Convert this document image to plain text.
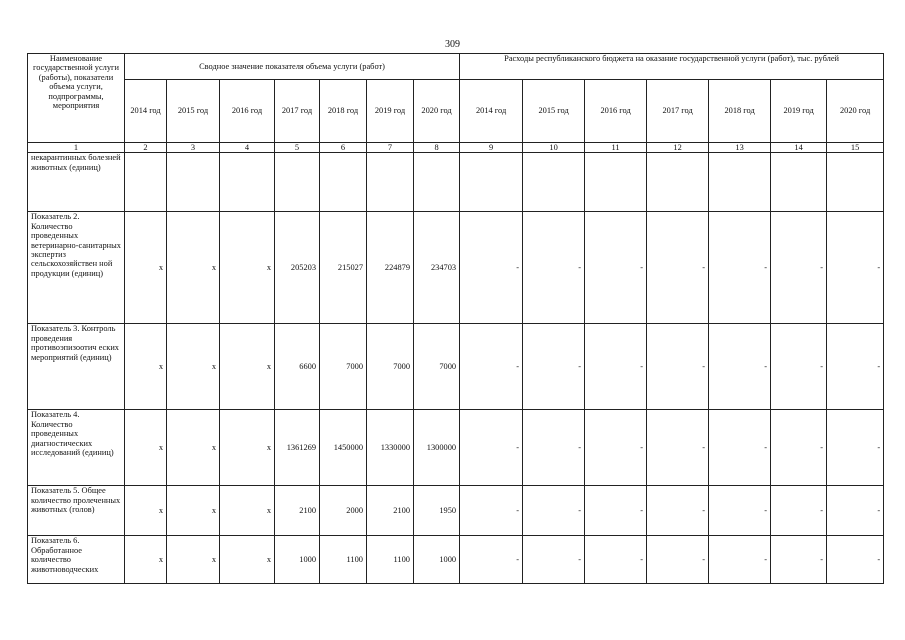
309
Наименование государственной услуги (работы), показатели объема услуги, подпрограммы, мероприятия	Сводное значение показателя объема услуги (работ)							Расходы республиканского бюджета на оказание государственной услуги (работ), тыс. рублей						
	2014 год	2015 год	2016 год	2017 год	2018 год	2019 год	2020 год	2014 год	2015 год	2016 год	2017 год	2018 год	2019 год	2020 год
1	2	3	4	5	6	7	8	9	10	11	12	13	14	15
некарантинных болезней животных (единиц)														
Показатель 2. Количество проведенных ветеринарно-санитарных экспертиз сельскохозяйствен ной продукции (единиц)	x	x	x	205203	215027	224879	234703	-	-	-	-	-	-	-
Показатель 3. Контроль проведения противоэпизоотич еских мероприятий (единиц)	x	x	x	6600	7000	7000	7000	-	-	-	-	-	-	-
Показатель 4. Количество проведенных диагностических исследований (единиц)	x	x	x	1361269	1450000	1330000	1300000	-	-	-	-	-	-	-
Показатель 5. Общее количество пролеченных животных (голов)	x	x	x	2100	2000	2100	1950	-	-	-	-	-	-	-
Показатель 6. Обработанное количество животноводческих	x	x	x	1000	1100	1100	1000	-	-	-	-	-	-	-
